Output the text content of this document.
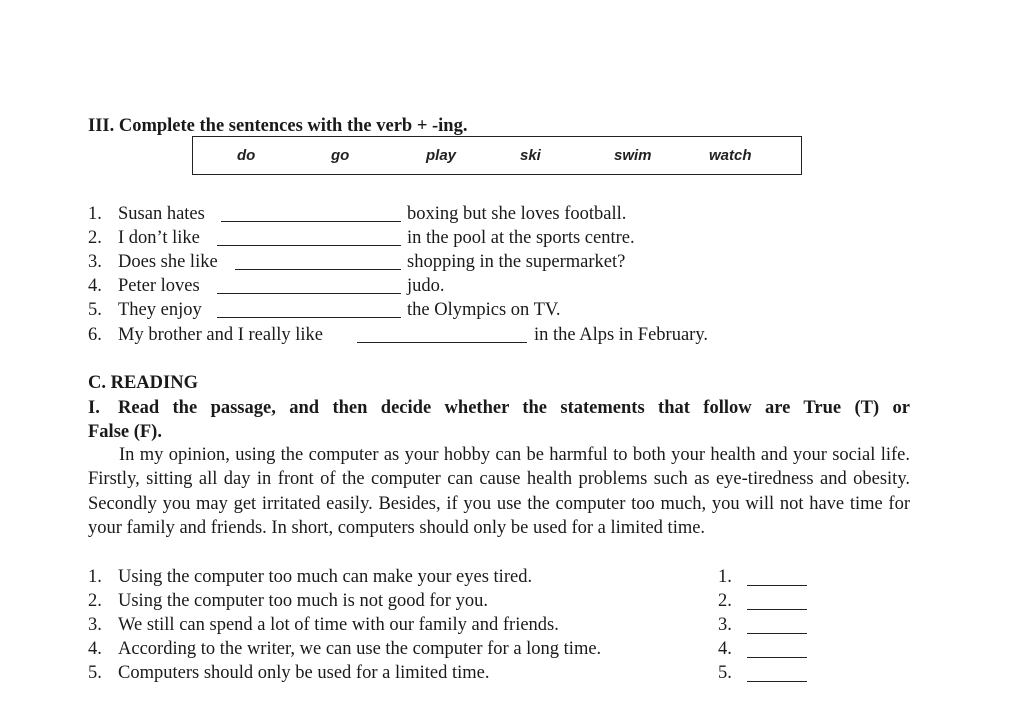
III. Complete the sentences with the verb + -ing.
do	go	play	ski	swim	watch
1. Susan hates	boxing but she loves football.
2. I don’t like	in the pool at the sports centre.
3. Does she like	shopping in the supermarket?
4. Peter loves	judo.
5. They enjoy	the Olympics on TV.
6. My brother and I really like	in the Alps in February.
C. READING
I. Read the passage, and then decide whether the statements that follow are True (T) or
False (F).
In my opinion, using the computer as your hobby can be harmful to both your health and your social life. Firstly, sitting all day in front of the computer can cause health problems such as eye-tiredness and obesity. Secondly you may get irritated easily. Besides, if you use the computer too much, you will not have time for your family and friends. In short, computers should only be used for a limited time.
1. Using the computer too much can make your eyes tired.	1.
2. Using the computer too much is not good for you.	2.
3. We still can spend a lot of time with our family and friends.	3.
4. According to the writer, we can use the computer for a long time.	4.
5. Computers should only be used for a limited time.	5.
